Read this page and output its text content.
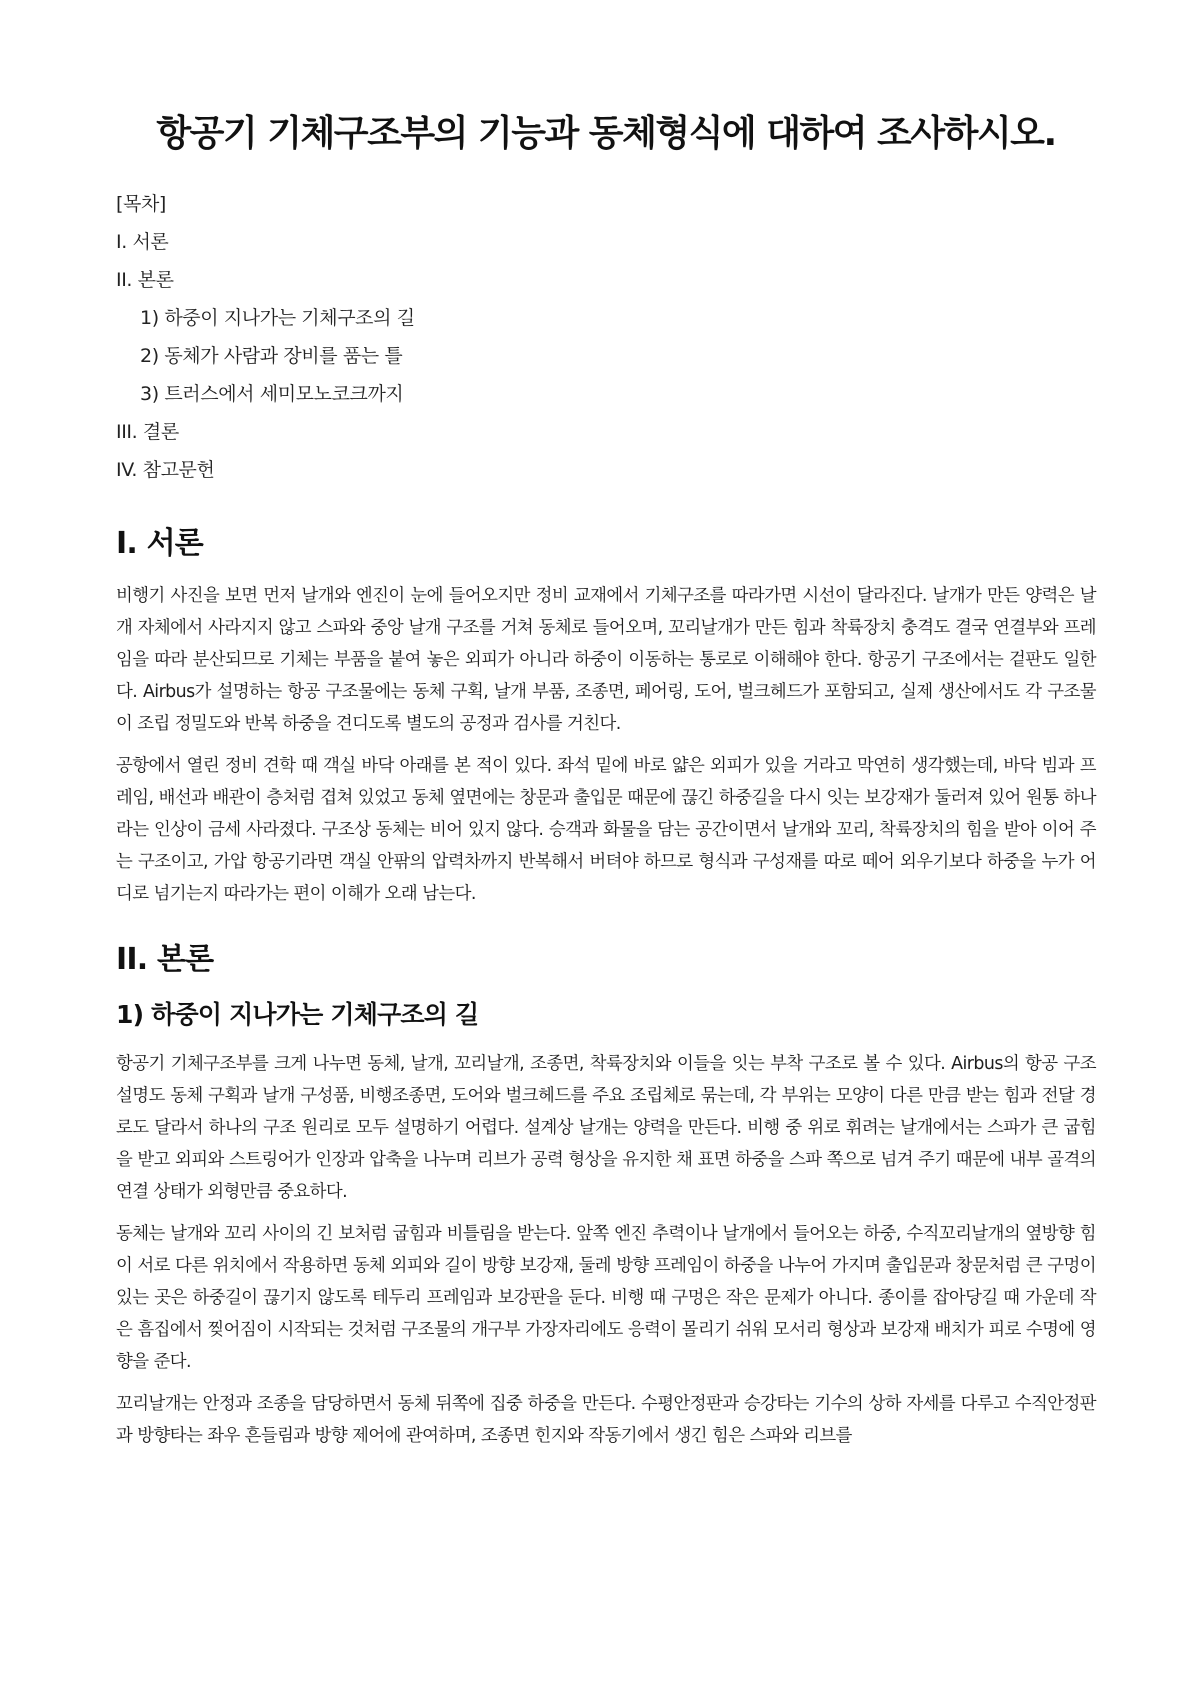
항공기 기체구조부의 기능과 동체형식에 대하여 조사하시오.
[목차]
I. 서론
II. 본론
1) 하중이 지나가는 기체구조의 길
2) 동체가 사람과 장비를 품는 틀
3) 트러스에서 세미모노코크까지
III. 결론
IV. 참고문헌
I. 서론

비행기 사진을 보면 먼저 날개와 엔진이 눈에 들어오지만 정비 교재에서 기체구조를 따라가면 시선이 달라진다. 날개가 만든 양력은 날개 자체에서 사라지지 않고 스파와 중앙 날개 구조를 거쳐 동체로 들어오며, 꼬리날개가 만든 힘과 착륙장치 충격도 결국 연결부와 프레임을 따라 분산되므로 기체는 부품을 붙여 놓은 외피가 아니라 하중이 이동하는 통로로 이해해야 한다. 항공기 구조에서는 겉판도 일한다. Airbus가 설명하는 항공 구조물에는 동체 구획, 날개 부품, 조종면, 페어링, 도어, 벌크헤드가 포함되고, 실제 생산에서도 각 구조물이 조립 정밀도와 반복 하중을 견디도록 별도의 공정과 검사를 거친다.

공항에서 열린 정비 견학 때 객실 바닥 아래를 본 적이 있다. 좌석 밑에 바로 얇은 외피가 있을 거라고 막연히 생각했는데, 바닥 빔과 프레임, 배선과 배관이 층처럼 겹쳐 있었고 동체 옆면에는 창문과 출입문 때문에 끊긴 하중길을 다시 잇는 보강재가 둘러져 있어 원통 하나라는 인상이 금세 사라졌다. 구조상 동체는 비어 있지 않다. 승객과 화물을 담는 공간이면서 날개와 꼬리, 착륙장치의 힘을 받아 이어 주는 구조이고, 가압 항공기라면 객실 안팎의 압력차까지 반복해서 버텨야 하므로 형식과 구성재를 따로 떼어 외우기보다 하중을 누가 어디로 넘기는지 따라가는 편이 이해가 오래 남는다.

II. 본론
1) 하중이 지나가는 기체구조의 길

항공기 기체구조부를 크게 나누면 동체, 날개, 꼬리날개, 조종면, 착륙장치와 이들을 잇는 부착 구조로 볼 수 있다. Airbus의 항공 구조 설명도 동체 구획과 날개 구성품, 비행조종면, 도어와 벌크헤드를 주요 조립체로 묶는데, 각 부위는 모양이 다른 만큼 받는 힘과 전달 경로도 달라서 하나의 구조 원리로 모두 설명하기 어렵다. 설계상 날개는 양력을 만든다. 비행 중 위로 휘려는 날개에서는 스파가 큰 굽힘을 받고 외피와 스트링어가 인장과 압축을 나누며 리브가 공력 형상을 유지한 채 표면 하중을 스파 쪽으로 넘겨 주기 때문에 내부 골격의 연결 상태가 외형만큼 중요하다.

동체는 날개와 꼬리 사이의 긴 보처럼 굽힘과 비틀림을 받는다. 앞쪽 엔진 추력이나 날개에서 들어오는 하중, 수직꼬리날개의 옆방향 힘이 서로 다른 위치에서 작용하면 동체 외피와 길이 방향 보강재, 둘레 방향 프레임이 하중을 나누어 가지며 출입문과 창문처럼 큰 구멍이 있는 곳은 하중길이 끊기지 않도록 테두리 프레임과 보강판을 둔다. 비행 때 구멍은 작은 문제가 아니다. 종이를 잡아당길 때 가운데 작은 흠집에서 찢어짐이 시작되는 것처럼 구조물의 개구부 가장자리에도 응력이 몰리기 쉬워 모서리 형상과 보강재 배치가 피로 수명에 영향을 준다.

꼬리날개는 안정과 조종을 담당하면서 동체 뒤쪽에 집중 하중을 만든다. 수평안정판과 승강타는 기수의 상하 자세를 다루고 수직안정판과 방향타는 좌우 흔들림과 방향 제어에 관여하며, 조종면 힌지와 작동기에서 생긴 힘은 스파와 리브를
